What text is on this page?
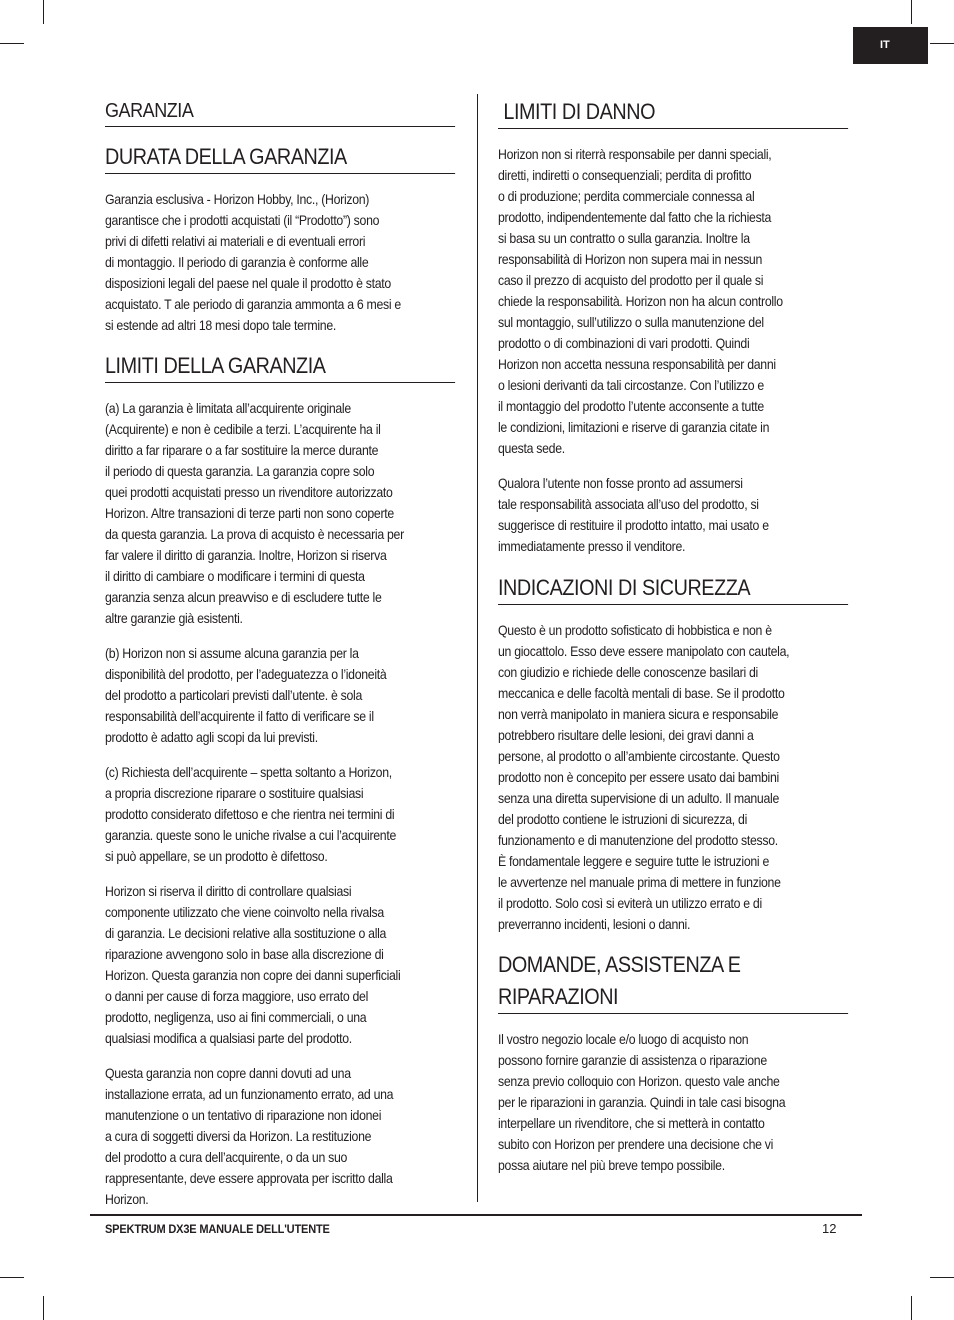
IT
GARANZIA
DURATA DELLA GARANZIA

Garanzia esclusiva - Horizon Hobby, Inc., (Horizon)
garantisce che i prodotti acquistati (il “Prodotto”) sono
privi di difetti relativi ai materiali e di eventuali errori
di montaggio. Il periodo di garanzia è conforme alle
disposizioni legali del paese nel quale il prodotto è stato
acquistato. T ale periodo di garanzia ammonta a 6 mesi e
si estende ad altri 18 mesi dopo tale termine.

LIMITI DELLA GARANZIA

(a) La garanzia è limitata all’acquirente originale
(Acquirente) e non è cedibile a terzi. L’acquirente ha il
diritto a far riparare o a far sostituire la merce durante
il periodo di questa garanzia. La garanzia copre solo
quei prodotti acquistati presso un rivenditore autorizzato
Horizon. Altre transazioni di terze parti non sono coperte
da questa garanzia. La prova di acquisto è necessaria per
far valere il diritto di garanzia. Inoltre, Horizon si riserva
il diritto di cambiare o modificare i termini di questa
garanzia senza alcun preavviso e di escludere tutte le
altre garanzie già esistenti.

(b) Horizon non si assume alcuna garanzia per la
disponibilità del prodotto, per l’adeguatezza o l’idoneità
del prodotto a particolari previsti dall’utente. è sola
responsabilità dell’acquirente il fatto di verificare se il
prodotto è adatto agli scopi da lui previsti.

(c) Richiesta dell’acquirente – spetta soltanto a Horizon,
a propria discrezione riparare o sostituire qualsiasi
prodotto considerato difettoso e che rientra nei termini di
garanzia. queste sono le uniche rivalse a cui l’acquirente
si può appellare, se un prodotto è difettoso.

Horizon si riserva il diritto di controllare qualsiasi
componente utilizzato che viene coinvolto nella rivalsa
di garanzia. Le decisioni relative alla sostituzione o alla
riparazione avvengono solo in base alla discrezione di
Horizon. Questa garanzia non copre dei danni superficiali
o danni per cause di forza maggiore, uso errato del
prodotto, negligenza, uso ai fini commerciali, o una
qualsiasi modifica a qualsiasi parte del prodotto.

Questa garanzia non copre danni dovuti ad una
installazione errata, ad un funzionamento errato, ad una
manutenzione o un tentativo di riparazione non idonei
a cura di soggetti diversi da Horizon. La restituzione
del prodotto a cura dell’acquirente, o da un suo
rappresentante, deve essere approvata per iscritto dalla
Horizon.

LIMITI DI DANNO

Horizon non si riterrà responsabile per danni speciali,
diretti, indiretti o consequenziali; perdita di profitto
o di produzione; perdita commerciale connessa al
prodotto, indipendentemente dal fatto che la richiesta
si basa su un contratto o sulla garanzia. Inoltre la
responsabilità di Horizon non supera mai in nessun
caso il prezzo di acquisto del prodotto per il quale si
chiede la responsabilità. Horizon non ha alcun controllo
sul montaggio, sull’utilizzo o sulla manutenzione del
prodotto o di combinazioni di vari prodotti. Quindi
Horizon non accetta nessuna responsabilità per danni
o lesioni derivanti da tali circostanze. Con l’utilizzo e
il montaggio del prodotto l’utente acconsente a tutte
le condizioni, limitazioni e riserve di garanzia citate in
questa sede.

Qualora l’utente non fosse pronto ad assumersi
tale responsabilità associata all’uso del prodotto, si
suggerisce di restituire il prodotto intatto, mai usato e
immediatamente presso il venditore.

INDICAZIONI DI SICUREZZA

Questo è un prodotto sofisticato di hobbistica e non è
un giocattolo. Esso deve essere manipolato con cautela,
con giudizio e richiede delle conoscenze basilari di
meccanica e delle facoltà mentali di base. Se il prodotto
non verrà manipolato in maniera sicura e responsabile
potrebbero risultare delle lesioni, dei gravi danni a
persone, al prodotto o all’ambiente circostante. Questo
prodotto non è concepito per essere usato dai bambini
senza una diretta supervisione di un adulto. Il manuale
del prodotto contiene le istruzioni di sicurezza, di
funzionamento e di manutenzione del prodotto stesso.
È fondamentale leggere e seguire tutte le istruzioni e
le avvertenze nel manuale prima di mettere in funzione
il prodotto. Solo così si eviterà un utilizzo errato e di
preverranno incidenti, lesioni o danni.

DOMANDE, ASSISTENZA E
RIPARAZIONI

Il vostro negozio locale e/o luogo di acquisto non
possono fornire garanzie di assistenza o riparazione
senza previo colloquio con Horizon. questo vale anche
per le riparazioni in garanzia. Quindi in tale casi bisogna
interpellare un rivenditore, che si metterà in contatto
subito con Horizon per prendere una decisione che vi
possa aiutare nel più breve tempo possibile.

SPEKTRUM DX3E MANUALE DELL'UTENTE	12
